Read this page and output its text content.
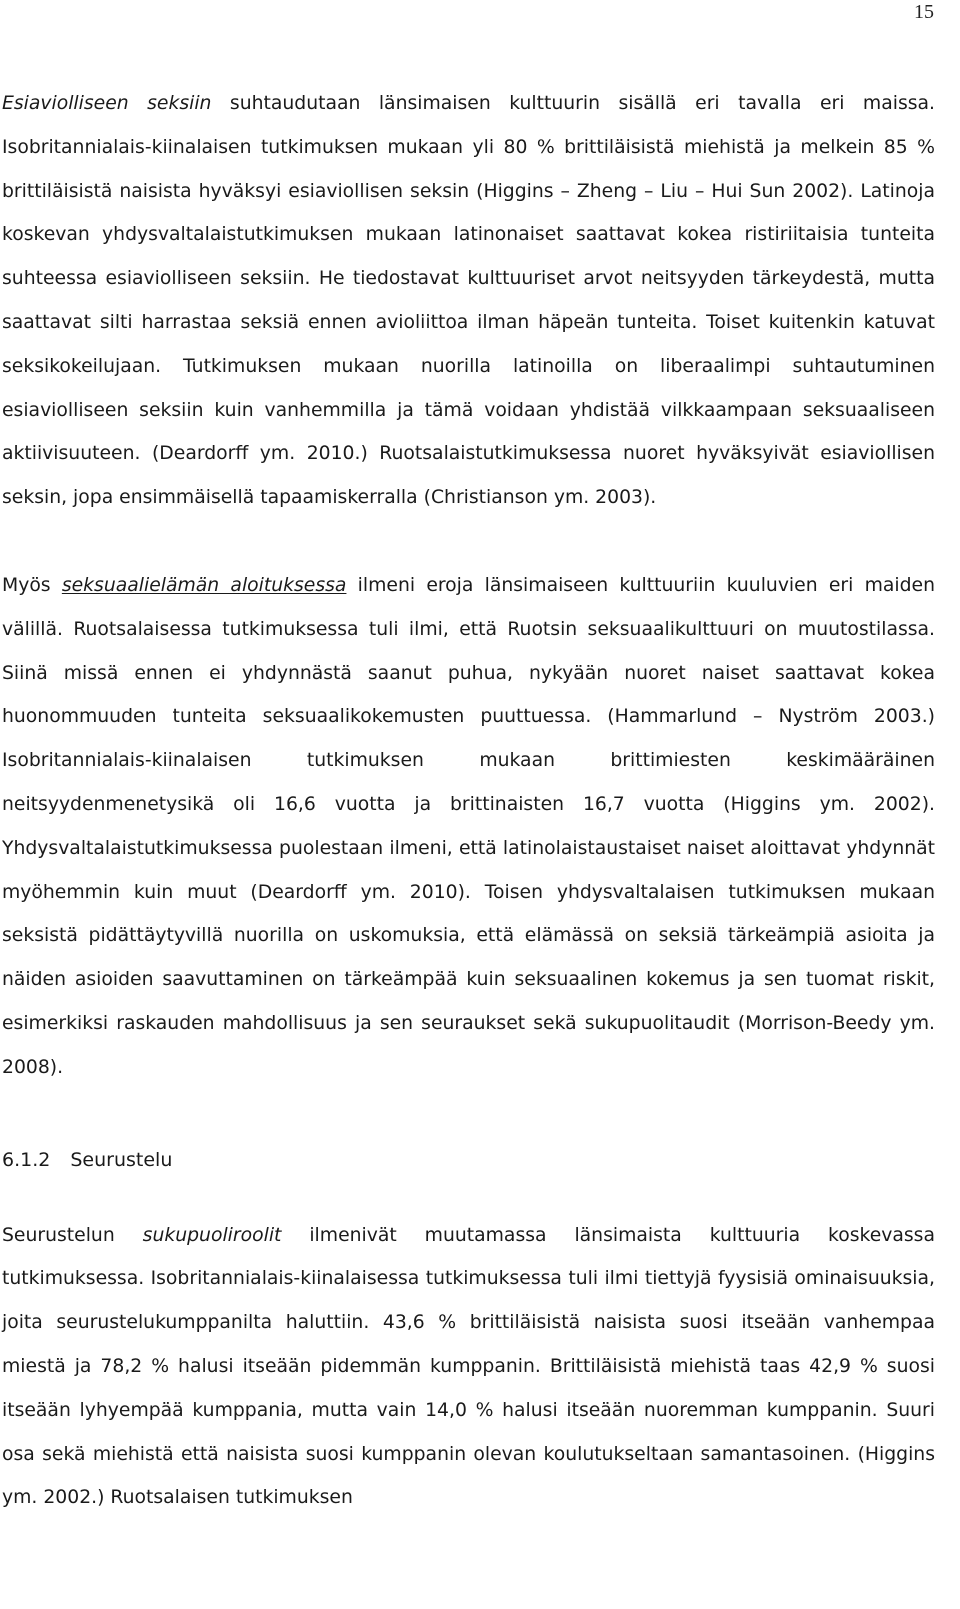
15

Esiaviolliseen seksiin suhtaudutaan länsimaisen kulttuurin sisällä eri tavalla eri maissa. Isobritannialais-kiinalaisen tutkimuksen mukaan yli 80 % brittiläisistä miehistä ja melkein 85 % brittiläisistä naisista hyväksyi esiaviollisen seksin (Higgins – Zheng – Liu – Hui Sun 2002). Latinoja koskevan yhdysvaltalaistutkimuksen mukaan latinonaiset saattavat kokea ristiriitaisia tunteita suhteessa esiaviolliseen seksiin. He tiedostavat kulttuuriset arvot neitsyyden tärkeydestä, mutta saattavat silti harrastaa seksiä ennen avioliittoa ilman häpeän tunteita. Toiset kuitenkin katuvat seksikokeilujaan. Tutkimuksen mukaan nuorilla latinoilla on liberaalimpi suhtautuminen esiaviolliseen seksiin kuin vanhemmilla ja tämä voidaan yhdistää vilkkaampaan seksuaaliseen aktiivisuuteen. (Deardorff ym. 2010.) Ruotsalaistutkimuksessa nuoret hyväksyivät esiaviollisen seksin, jopa ensimmäisellä tapaamiskerralla (Christianson ym. 2003).

Myös seksuaalielämän aloituksessa ilmeni eroja länsimaiseen kulttuuriin kuuluvien eri maiden välillä. Ruotsalaisessa tutkimuksessa tuli ilmi, että Ruotsin seksuaalikulttuuri on muutostilassa. Siinä missä ennen ei yhdynnästä saanut puhua, nykyään nuoret naiset saattavat kokea huonommuuden tunteita seksuaalikokemusten puuttuessa. (Hammarlund – Nyström 2003.) Isobritannialais-kiinalaisen tutkimuksen mukaan brittimiesten keskimääräinen neitsyydenmenetysikä oli 16,6 vuotta ja brittinaisten 16,7 vuotta (Higgins ym. 2002). Yhdysvaltalaistutkimuksessa puolestaan ilmeni, että latinolaistaustaiset naiset aloittavat yhdynnät myöhemmin kuin muut (Deardorff ym. 2010). Toisen yhdysvaltalaisen tutkimuksen mukaan seksistä pidättäytyvillä nuorilla on uskomuksia, että elämässä on seksiä tärkeämpiä asioita ja näiden asioiden saavuttaminen on tärkeämpää kuin seksuaalinen kokemus ja sen tuomat riskit, esimerkiksi raskauden mahdollisuus ja sen seuraukset sekä sukupuolitaudit (Morrison-Beedy ym. 2008).

6.1.2 Seurustelu

Seurustelun sukupuoliroolit ilmenivät muutamassa länsimaista kulttuuria koskevassa tutkimuksessa. Isobritannialais-kiinalaisessa tutkimuksessa tuli ilmi tiettyjä fyysisiä ominaisuuksia, joita seurustelukumppanilta haluttiin. 43,6 % brittiläisistä naisista suosi itseään vanhempaa miestä ja 78,2 % halusi itseään pidemmän kumppanin. Brittiläisistä miehistä taas 42,9 % suosi itseään lyhyempää kumppania, mutta vain 14,0 % halusi itseään nuoremman kumppanin. Suuri osa sekä miehistä että naisista suosi kumppanin olevan koulutukseltaan samantasoinen. (Higgins ym. 2002.) Ruotsalaisen tutkimuksen
